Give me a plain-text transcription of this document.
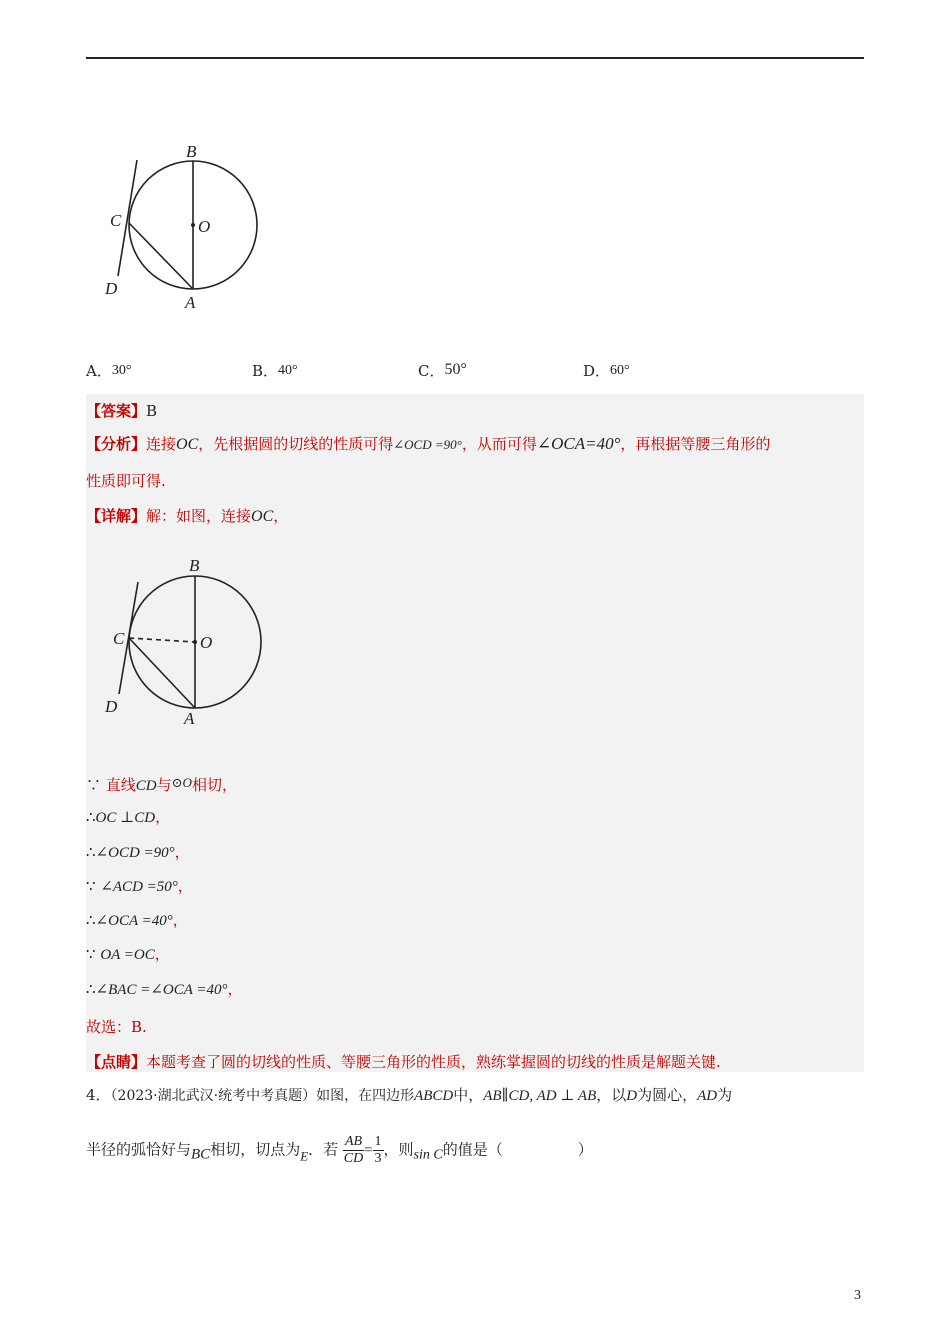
B
C	O
D
A
A．30°	B．40°	C．50°	D．60°
【答案】B
【分析】连接OC，先根据圆的切线的性质可得∠OCD =90°，从而可得∠OCA=40°，再根据等腰三角形的
性质即可得.
【详解】解：如图，连接OC，
B
C	O
D
A
∵ 直线CD与⊙O相切，
∴OC ⊥CD，
∴∠OCD =90°，
∵ ∠ACD =50°，
∴∠OCA =40°，
∵ OA =OC，
∴∠BAC =∠OCA =40°，
故选：B.
【点睛】本题考查了圆的切线的性质、等腰三角形的性质，熟练掌握圆的切线的性质是解题关键.
4．（2023·湖北武汉·统考中考真题）如图，在四边形ABCD中，AB∥CD, AD ⊥ AB，以D为圆心，AD为
半径的弧恰好与BC相切，切点为E．若 $\frac{AB}{CD} = \frac{1}{3}$ ，则sin C的值是（　　　　　）
3
